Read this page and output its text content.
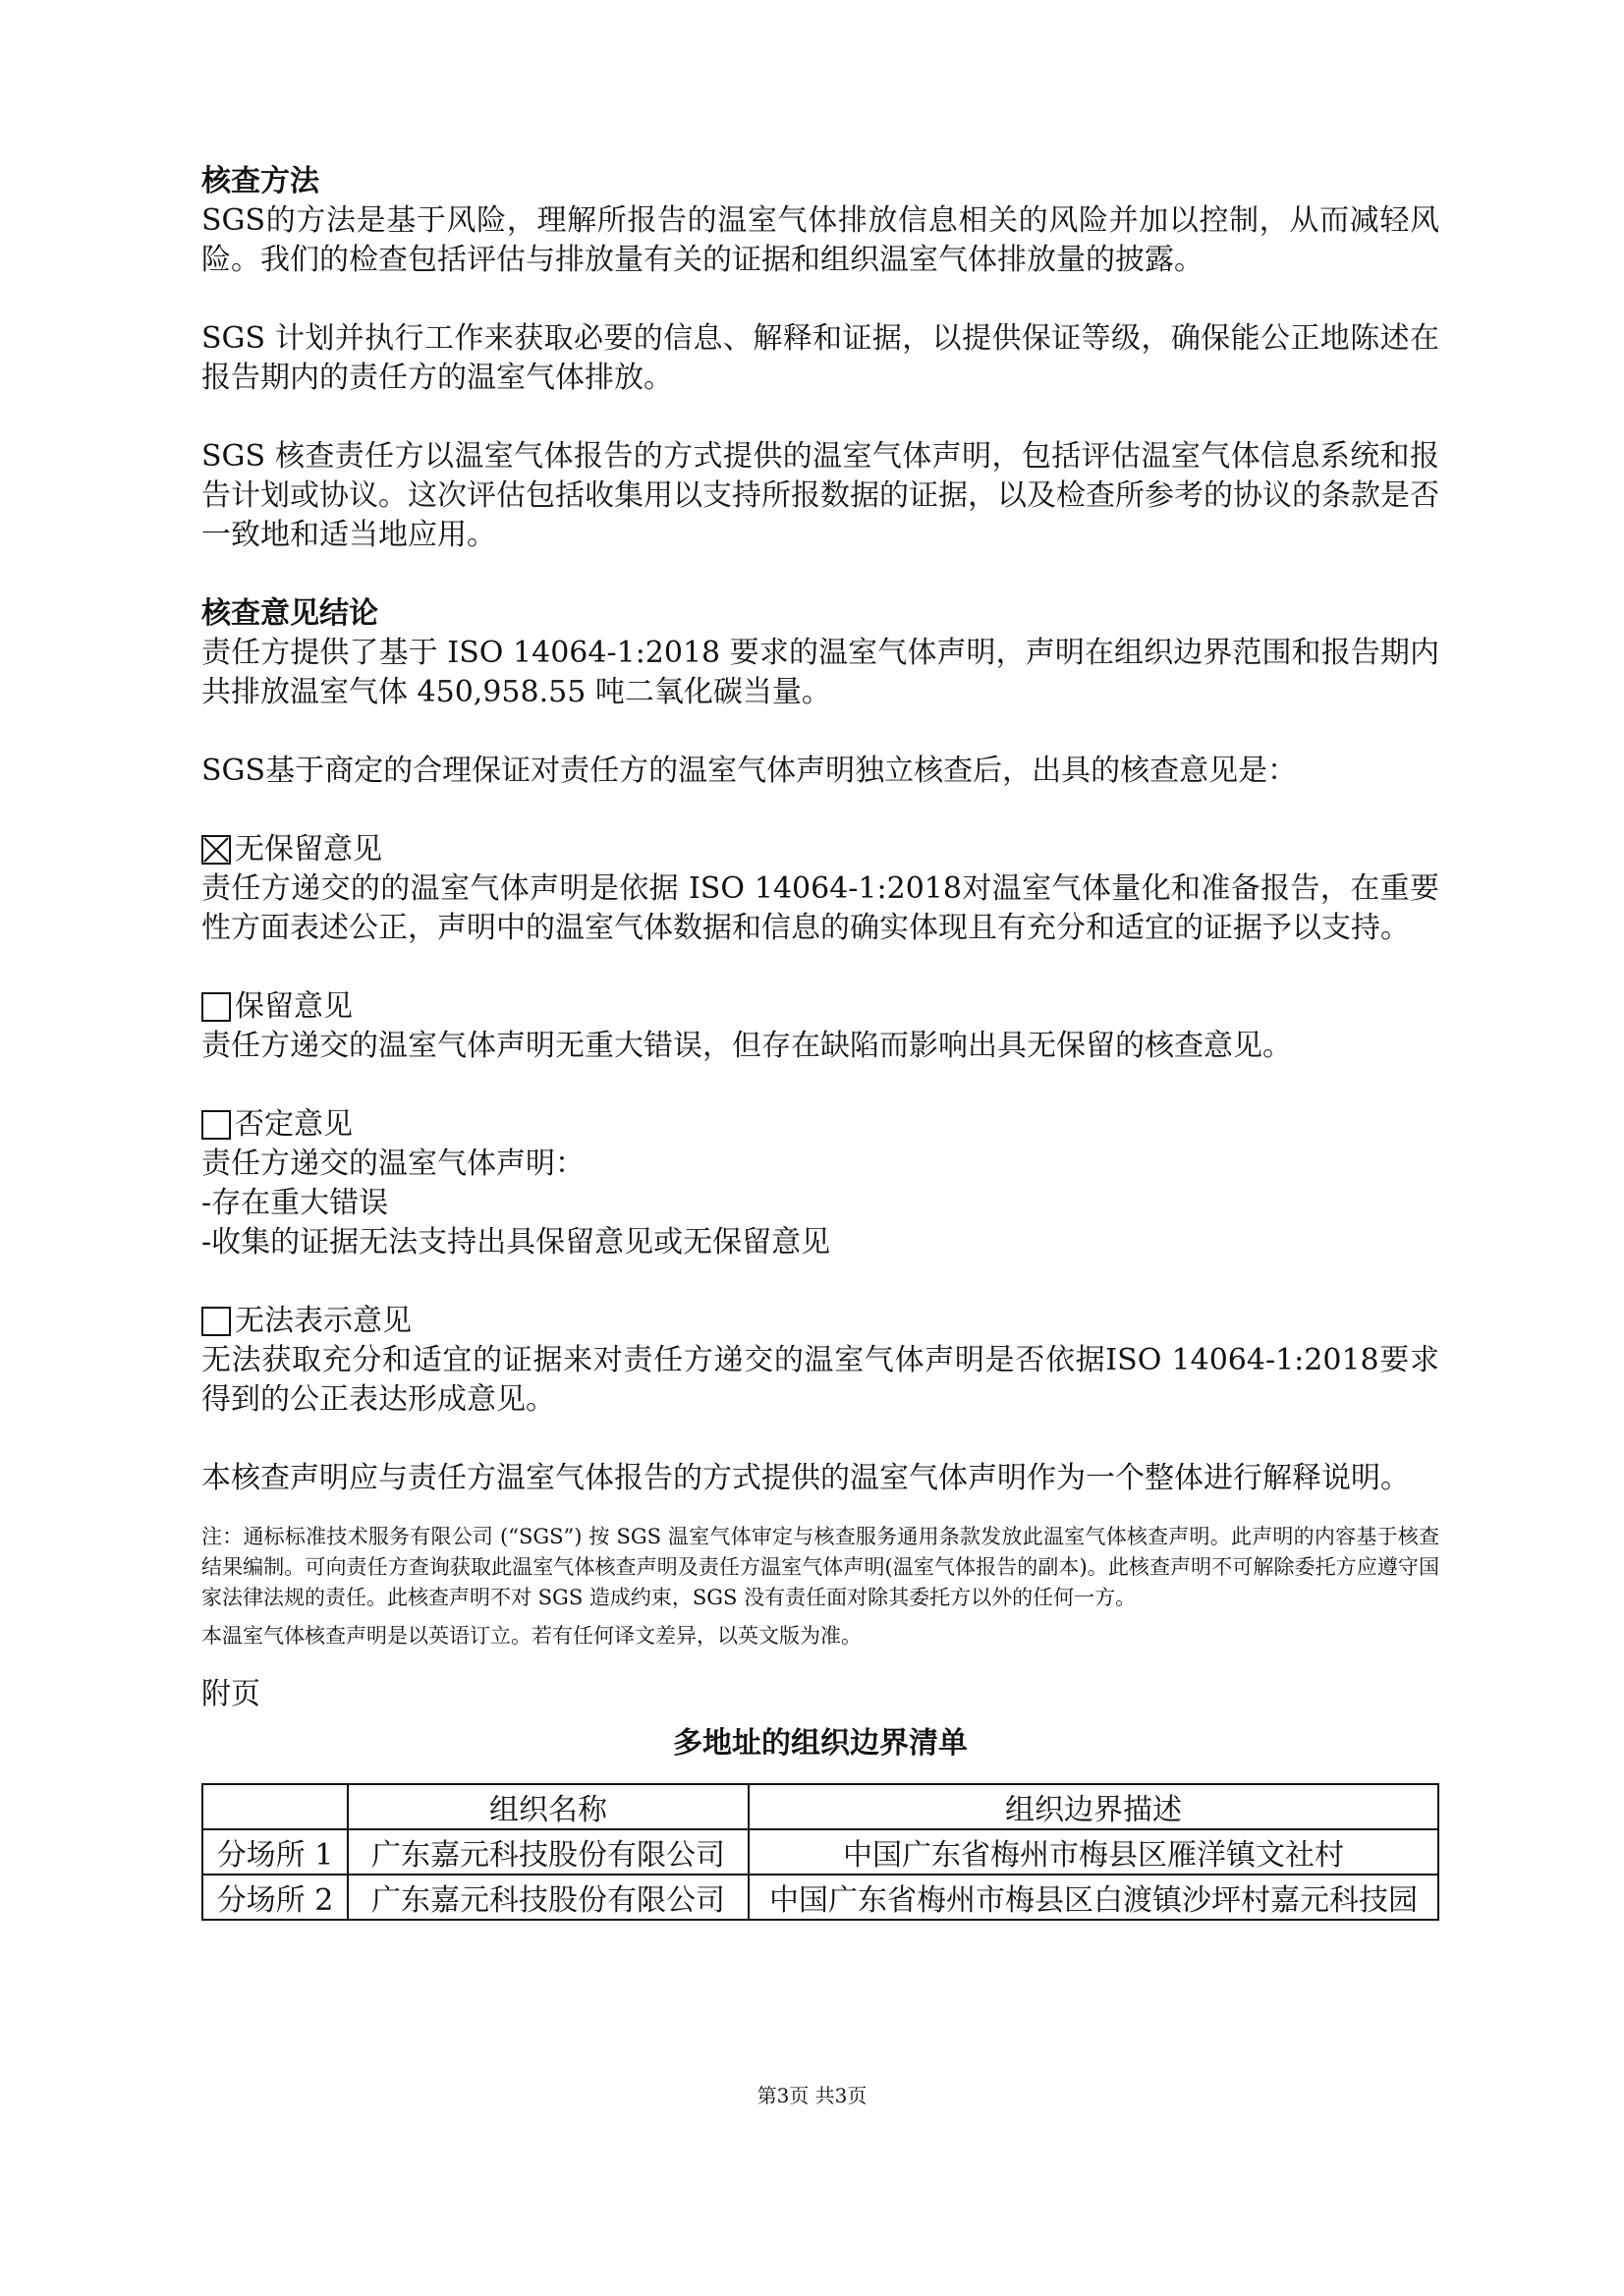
核查方法

SGS的方法是基于风险，理解所报告的温室气体排放信息相关的风险并加以控制，从而减轻风险。我们的检查包括评估与排放量有关的证据和组织温室气体排放量的披露。

SGS 计划并执行工作来获取必要的信息、解释和证据，以提供保证等级，确保能公正地陈述在报告期内的责任方的温室气体排放。

SGS 核查责任方以温室气体报告的方式提供的温室气体声明，包括评估温室气体信息系统和报告计划或协议。这次评估包括收集用以支持所报数据的证据，以及检查所参考的协议的条款是否一致地和适当地应用。

核查意见结论

责任方提供了基于 ISO 14064-1:2018 要求的温室气体声明，声明在组织边界范围和报告期内共排放温室气体 450,958.55 吨二氧化碳当量。

SGS基于商定的合理保证对责任方的温室气体声明独立核查后，出具的核查意见是：

无保留意见

责任方递交的的温室气体声明是依据 ISO 14064-1:2018对温室气体量化和准备报告，在重要性方面表述公正，声明中的温室气体数据和信息的确实体现且有充分和适宜的证据予以支持。

保留意见

责任方递交的温室气体声明无重大错误，但存在缺陷而影响出具无保留的核查意见。

否定意见

责任方递交的温室气体声明：

-存在重大错误

-收集的证据无法支持出具保留意见或无保留意见

无法表示意见

无法获取充分和适宜的证据来对责任方递交的温室气体声明是否依据ISO 14064-1:2018要求得到的公正表达形成意见。

本核查声明应与责任方温室气体报告的方式提供的温室气体声明作为一个整体进行解释说明。

注：通标标准技术服务有限公司 (“SGS”) 按 SGS 温室气体审定与核查服务通用条款发放此温室气体核查声明。此声明的内容基于核查结果编制。可向责任方查询获取此温室气体核查声明及责任方温室气体声明(温室气体报告的副本)。此核查声明不可解除委托方应遵守国家法律法规的责任。此核查声明不对 SGS 造成约束，SGS 没有责任面对除其委托方以外的任何一方。

本温室气体核查声明是以英语订立。若有任何译文差异，以英文版为准。

附页

多地址的组织边界清单

	组织名称	组织边界描述
分场所 1	广东嘉元科技股份有限公司	中国广东省梅州市梅县区雁洋镇文社村
分场所 2	广东嘉元科技股份有限公司	中国广东省梅州市梅县区白渡镇沙坪村嘉元科技园
第3页 共3页
